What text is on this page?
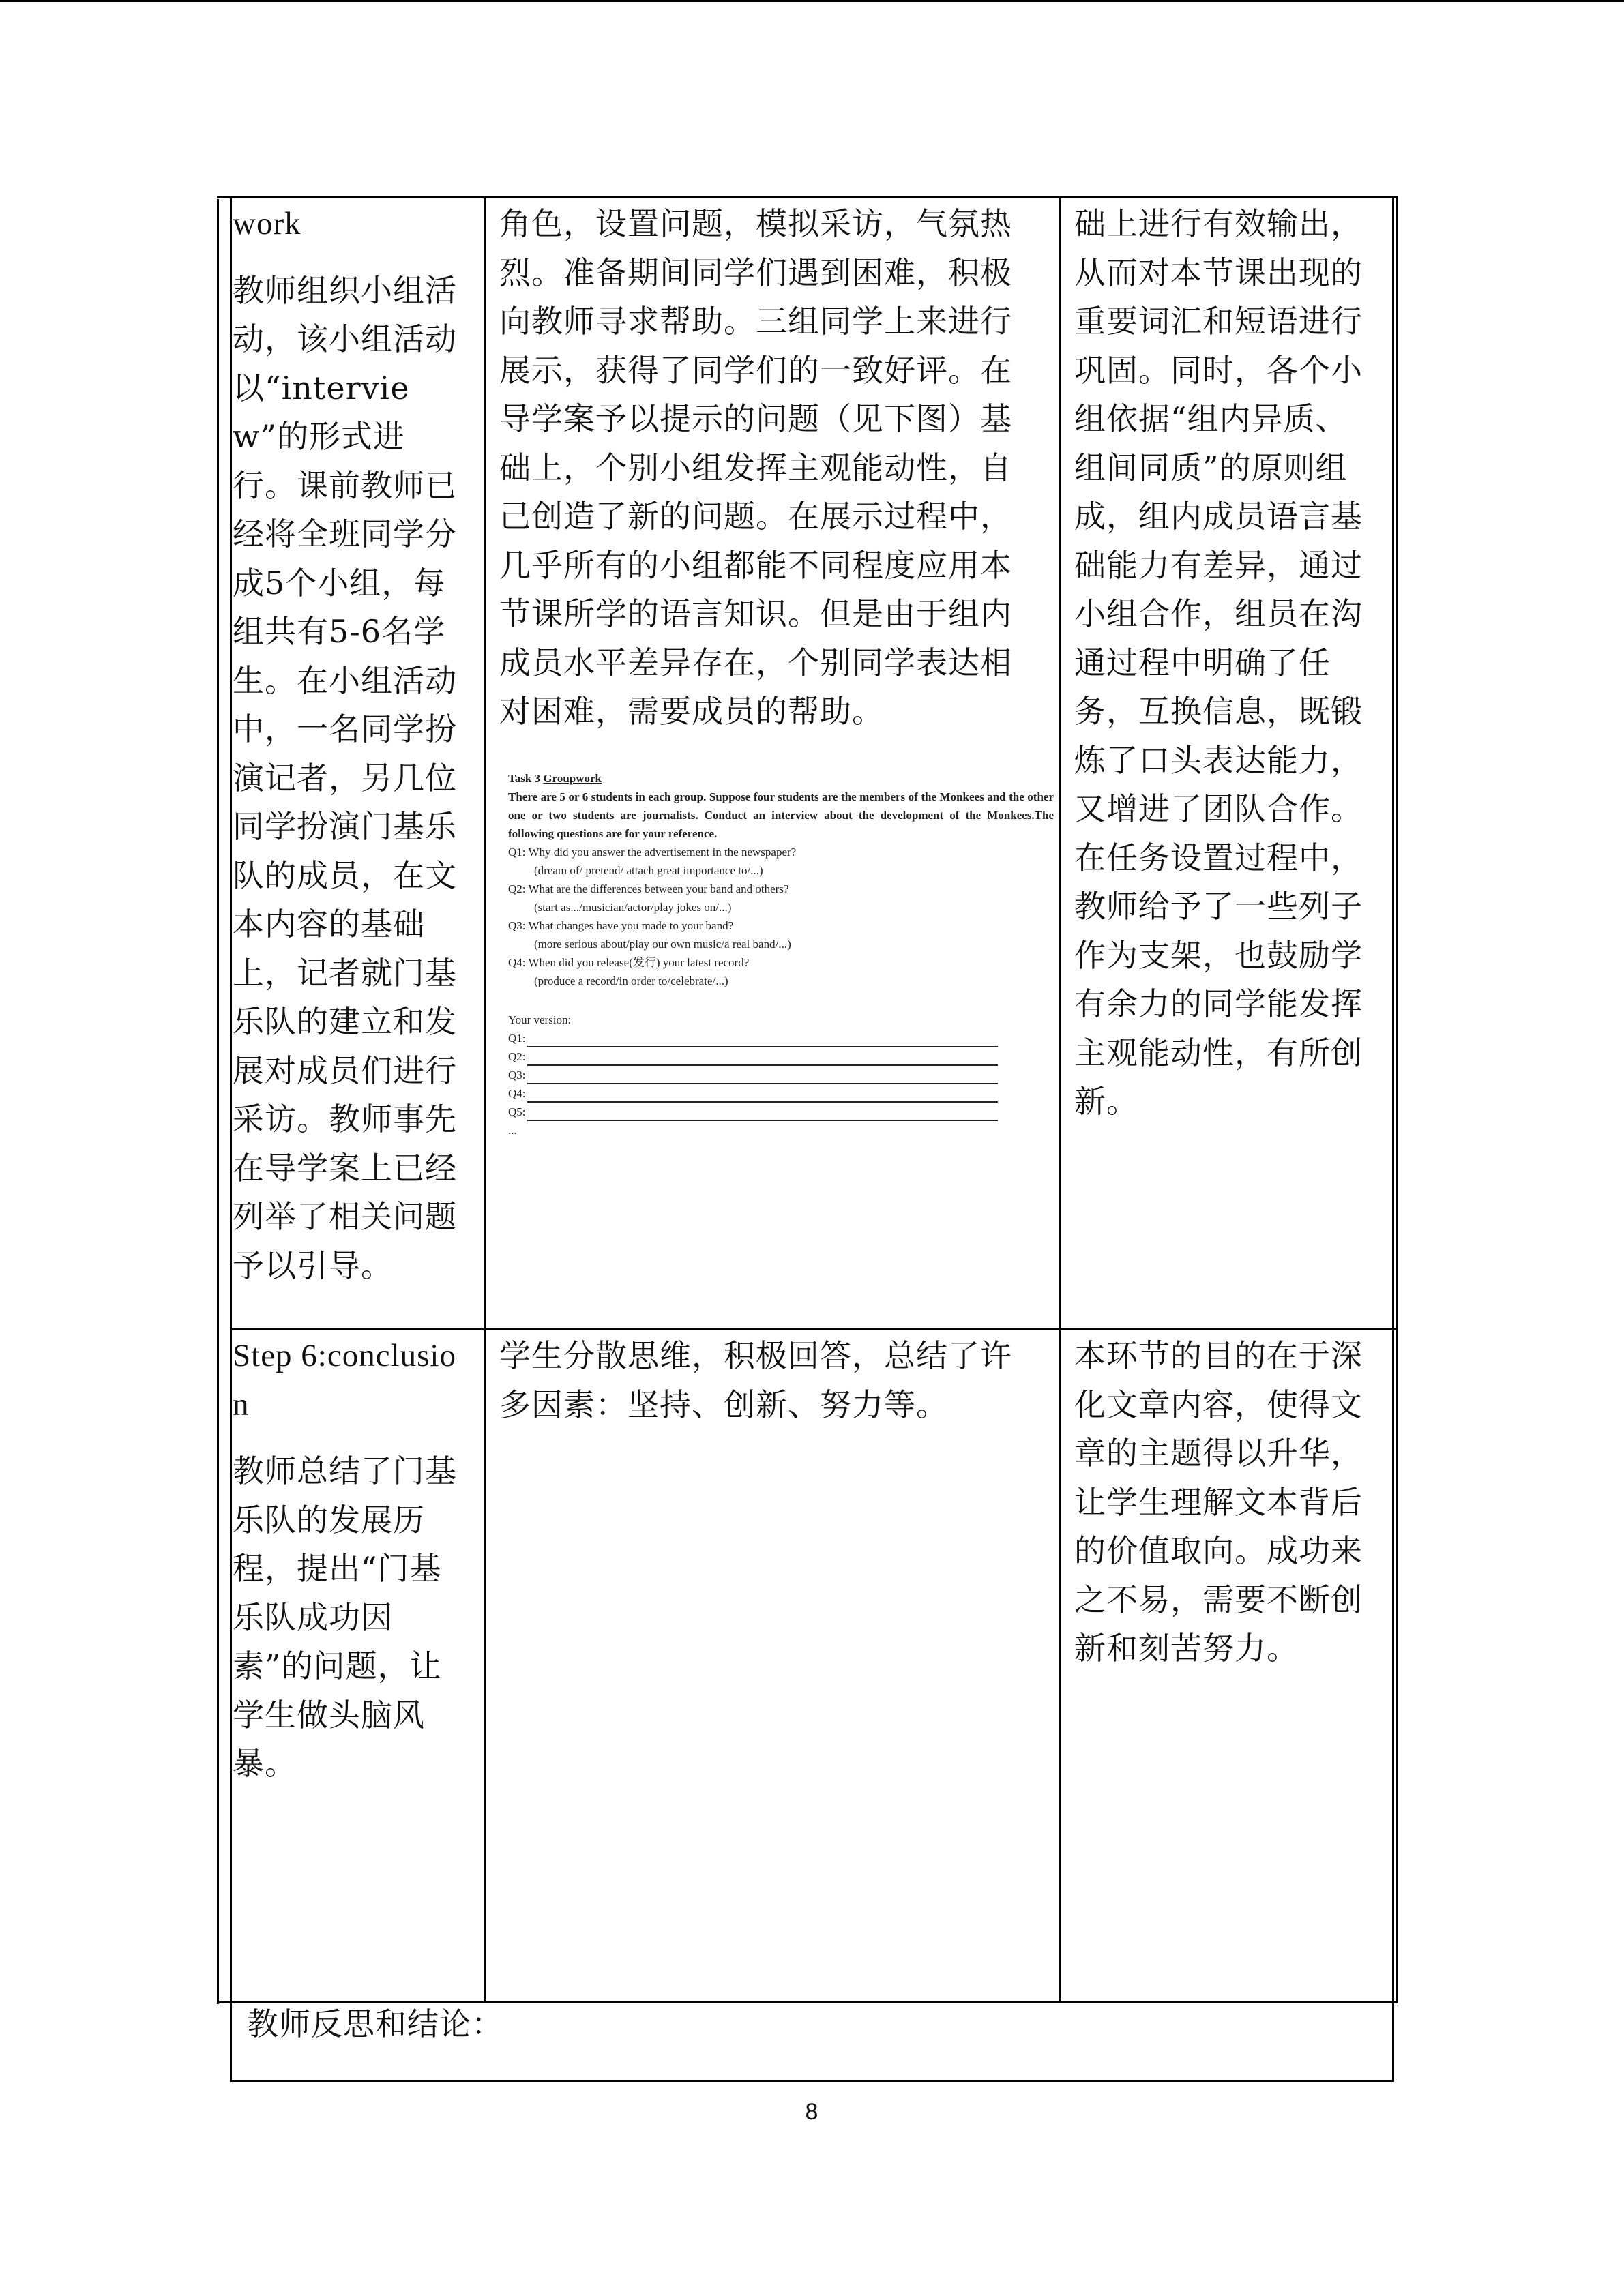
work

教师组织小组活动，该小组活动以“interview”的形式进行。课前教师已经将全班同学分成5个小组，每组共有5-6名学生。在小组活动中，一名同学扮演记者，另几位同学扮演门基乐队的成员，在文本内容的基础上，记者就门基乐队的建立和发展对成员们进行采访。教师事先在导学案上已经列举了相关问题予以引导。

角色，设置问题，模拟采访，气氛热烈。准备期间同学们遇到困难，积极向教师寻求帮助。三组同学上来进行展示，获得了同学们的一致好评。在导学案予以提示的问题（见下图）基础上，个别小组发挥主观能动性，自己创造了新的问题。在展示过程中，几乎所有的小组都能不同程度应用本节课所学的语言知识。但是由于组内成员水平差异存在，个别同学表达相对困难，需要成员的帮助。

础上进行有效输出，从而对本节课出现的重要词汇和短语进行巩固。同时，各个小组依据“组内异质、组间同质”的原则组成，组内成员语言基础能力有差异，通过小组合作，组员在沟通过程中明确了任务，互换信息，既锻炼了口头表达能力，又增进了团队合作。在任务设置过程中，教师给予了一些列子作为支架，也鼓励学有余力的同学能发挥主观能动性，有所创新。

Task 3 Groupwork
There are 5 or 6 students in each group. Suppose four students are the members of the Monkees and the other one or two students are journalists. Conduct an interview about the development of the Monkees.The following questions are for your reference.
Q1: Why did you answer the advertisement in the newspaper?
(dream of/ pretend/ attach great importance to/...)
Q2: What are the differences between your band and others?
(start as.../musician/actor/play jokes on/...)
Q3: What changes have you made to your band?
(more serious about/play our own music/a real band/...)
Q4: When did you release(发行) your latest record?
(produce a record/in order to/celebrate/...)
Your version:
Q1:
Q2:
Q3:
Q4:
Q5:
...

Step 6:conclusion

教师总结了门基乐队的发展历程，提出“门基乐队成功因素”的问题，让学生做头脑风暴。

学生分散思维，积极回答，总结了许多因素：坚持、创新、努力等。

本环节的目的在于深化文章内容，使得文章的主题得以升华，让学生理解文本背后的价值取向。成功来之不易，需要不断创新和刻苦努力。

教师反思和结论：
8
